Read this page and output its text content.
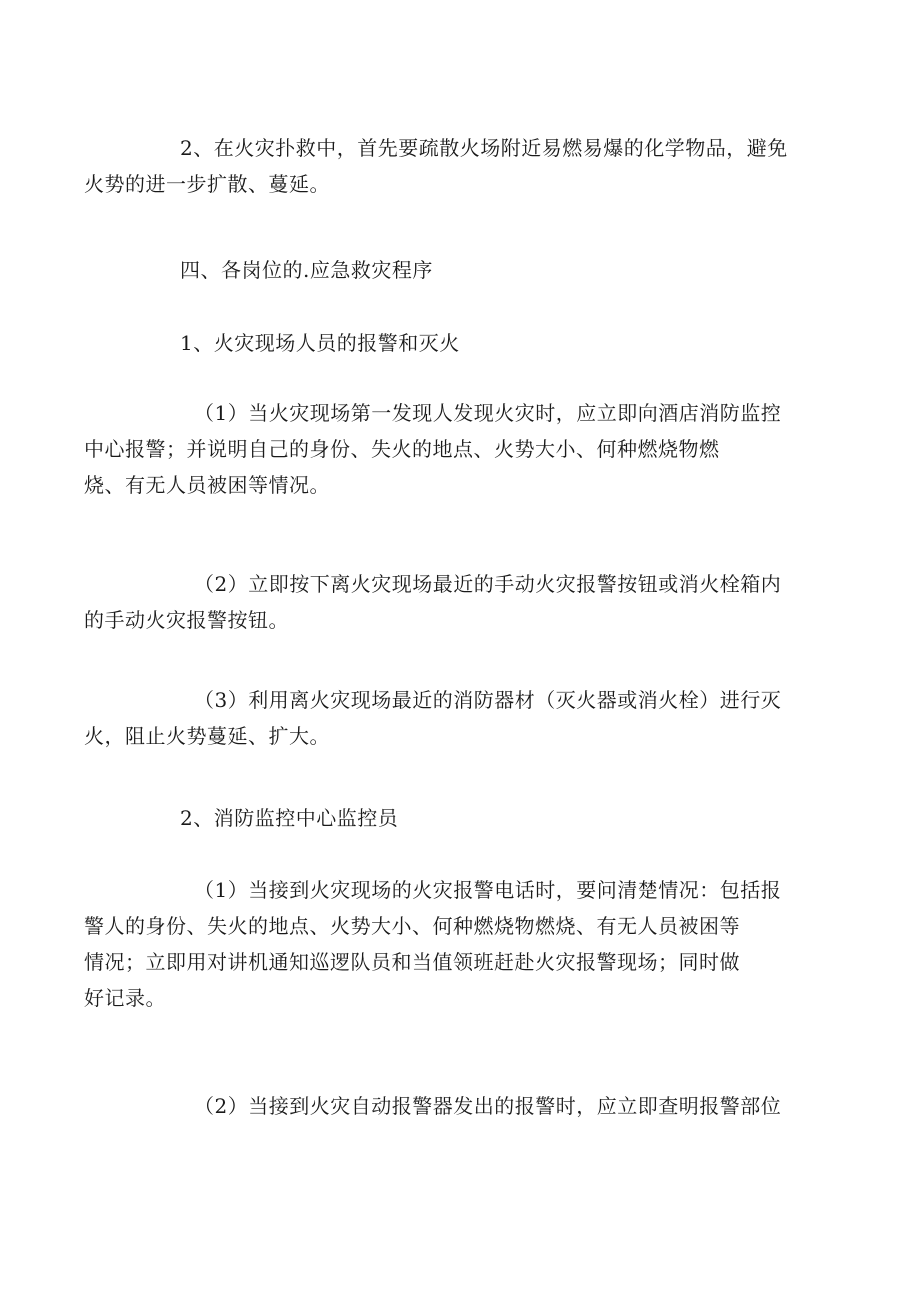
2、在火灾扑救中，首先要疏散火场附近易燃易爆的化学物品，避免
火势的进一步扩散、蔓延。
四、各岗位的.应急救灾程序
1、火灾现场人员的报警和灭火
（1）当火灾现场第一发现人发现火灾时，应立即向酒店消防监控
中心报警；并说明自己的身份、失火的地点、火势大小、何种燃烧物燃
烧、有无人员被困等情况。
（2）立即按下离火灾现场最近的手动火灾报警按钮或消火栓箱内
的手动火灾报警按钮。
（3）利用离火灾现场最近的消防器材（灭火器或消火栓）进行灭
火，阻止火势蔓延、扩大。
2、消防监控中心监控员
（1）当接到火灾现场的火灾报警电话时，要问清楚情况：包括报
警人的身份、失火的地点、火势大小、何种燃烧物燃烧、有无人员被困等
情况；立即用对讲机通知巡逻队员和当值领班赶赴火灾报警现场；同时做
好记录。
（2）当接到火灾自动报警器发出的报警时，应立即查明报警部位
